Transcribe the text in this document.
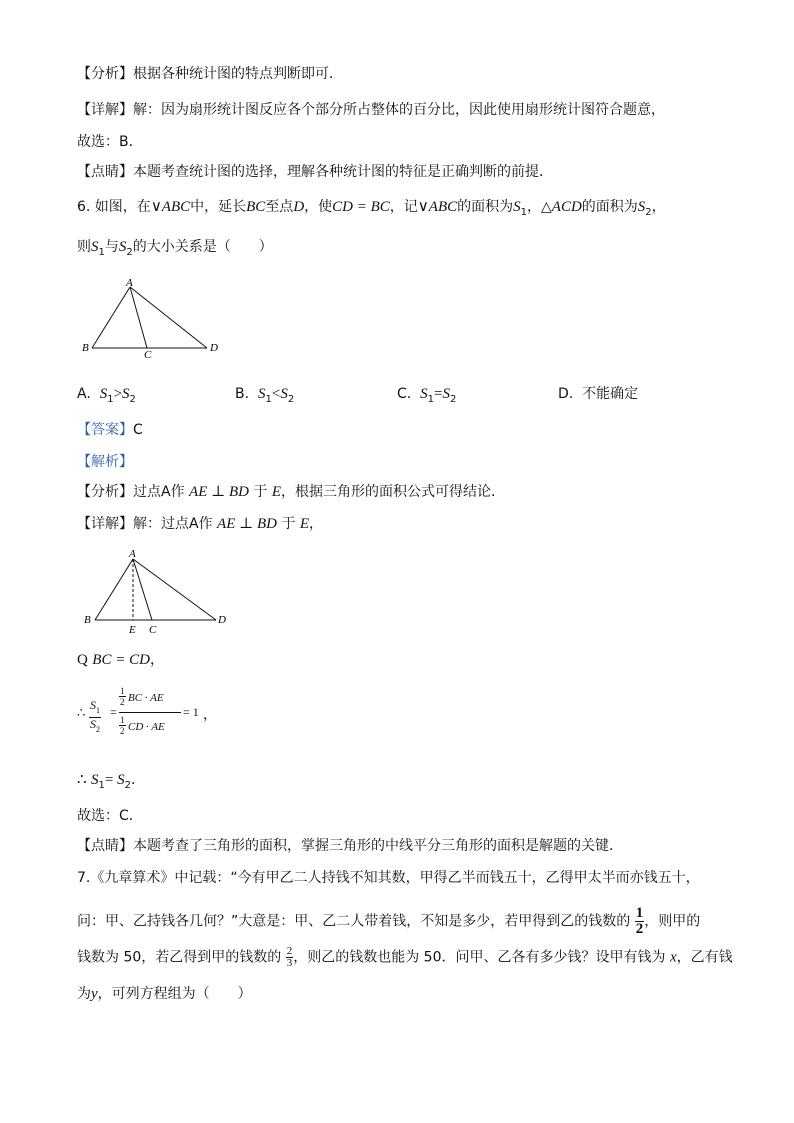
【分析】根据各种统计图的特点判断即可．
【详解】解：因为扇形统计图反应各个部分所占整体的百分比，因此使用扇形统计图符合题意，
故选：B．
【点睛】本题考查统计图的选择，理解各种统计图的特征是正确判断的前提．
6. 如图，在∨ABC中，延长BC至点D，使CD = BC，记∨ABC的面积为$S_1$，△ACD的面积为$S_2$，
则$S_1$与$S_2$的大小关系是（　　）
A
B
C
D
A. $S_1>S_2$	B. $S_1<S_2$	C. $S_1=S_2$	D. 不能确定
【答案】C
【解析】
【分析】过点A作 AE ⊥ BD 于 E，根据三角形的面积公式可得结论．
【详解】解：过点A作 AE ⊥ BD 于 E，
A
B
E C
D
Q BC = CD，
∴ $\frac{S_1}{S_2}$ =
$\frac{1}{2}$ BC · AE
$\frac{1}{2}$ CD · AE
= 1 ，
∴ $S_1= S_2$．
故选：C．
【点睛】本题考查了三角形的面积，掌握三角形的中线平分三角形的面积是解题的关键．
7.《九章算术》中记载：“今有甲乙二人持钱不知其数，甲得乙半而钱五十，乙得甲太半而亦钱五十，
问：甲、乙持钱各几何？”大意是：甲、乙二人带着钱，不知是多少，若甲得到乙的钱数的 $\frac{1}{2}$ ，则甲的
钱数为 50，若乙得到甲的钱数的 $\frac{2}{3}$ ，则乙的钱数也能为 50．问甲、乙各有多少钱？设甲有钱为 x，乙有钱
为y，可列方程组为（　　）
